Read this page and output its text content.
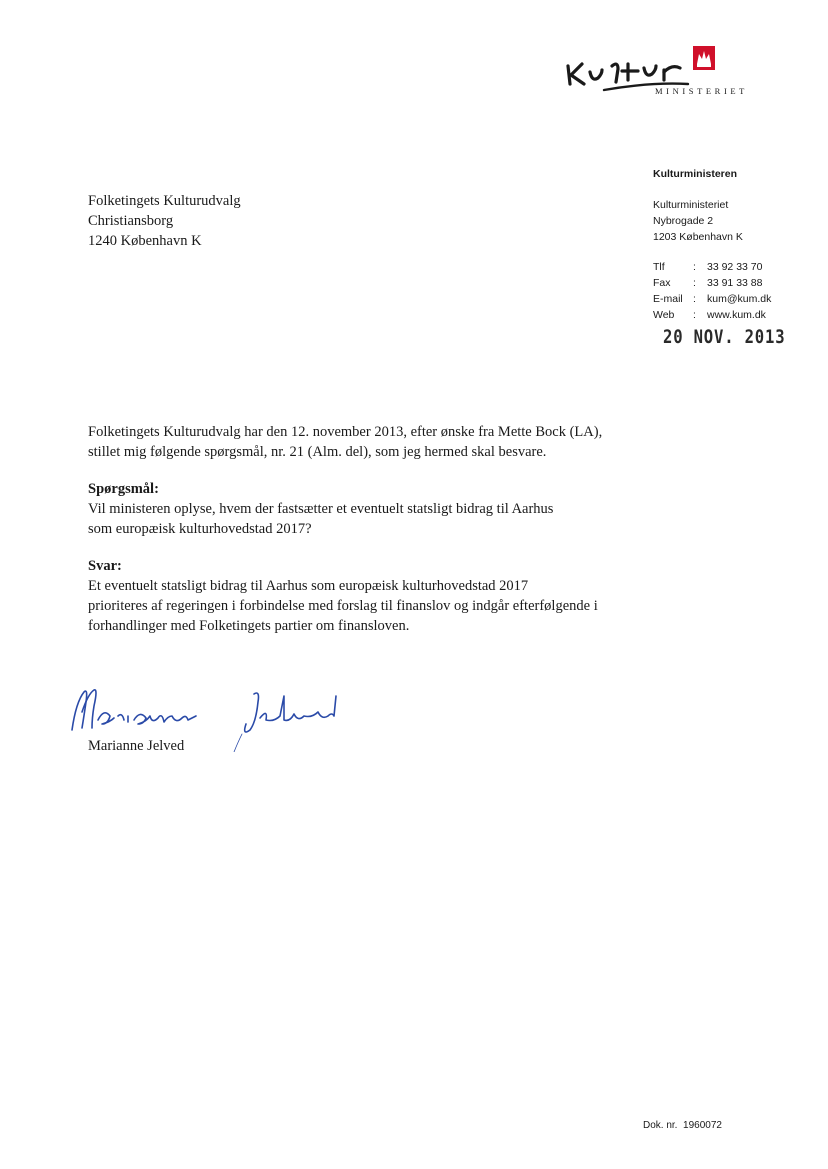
MINISTERIET
Kulturministeren
Kulturministeriet
Nybrogade 2
1203 København K
Tlf	:	33 92 33 70
Fax	:	33 91 33 88
E-mail :	kum@kum.dk
Web	:	www.kum.dk
20 NOV. 2013
Folketingets Kulturudvalg
Christiansborg
1240 København K
Folketingets Kulturudvalg har den 12. november 2013, efter ønske fra Mette Bock (LA),
stillet mig følgende spørgsmål, nr. 21 (Alm. del), som jeg hermed skal besvare.
Spørgsmål:
Vil ministeren oplyse, hvem der fastsætter et eventuelt statsligt bidrag til Aarhus
som europæisk kulturhovedstad 2017?
Svar:
Et eventuelt statsligt bidrag til Aarhus som europæisk kulturhovedstad 2017
prioriteres af regeringen i forbindelse med forslag til finanslov og indgår efterfølgende i
forhandlinger med Folketingets partier om finansloven.
Marianne Jelved
Dok. nr. 1960072
